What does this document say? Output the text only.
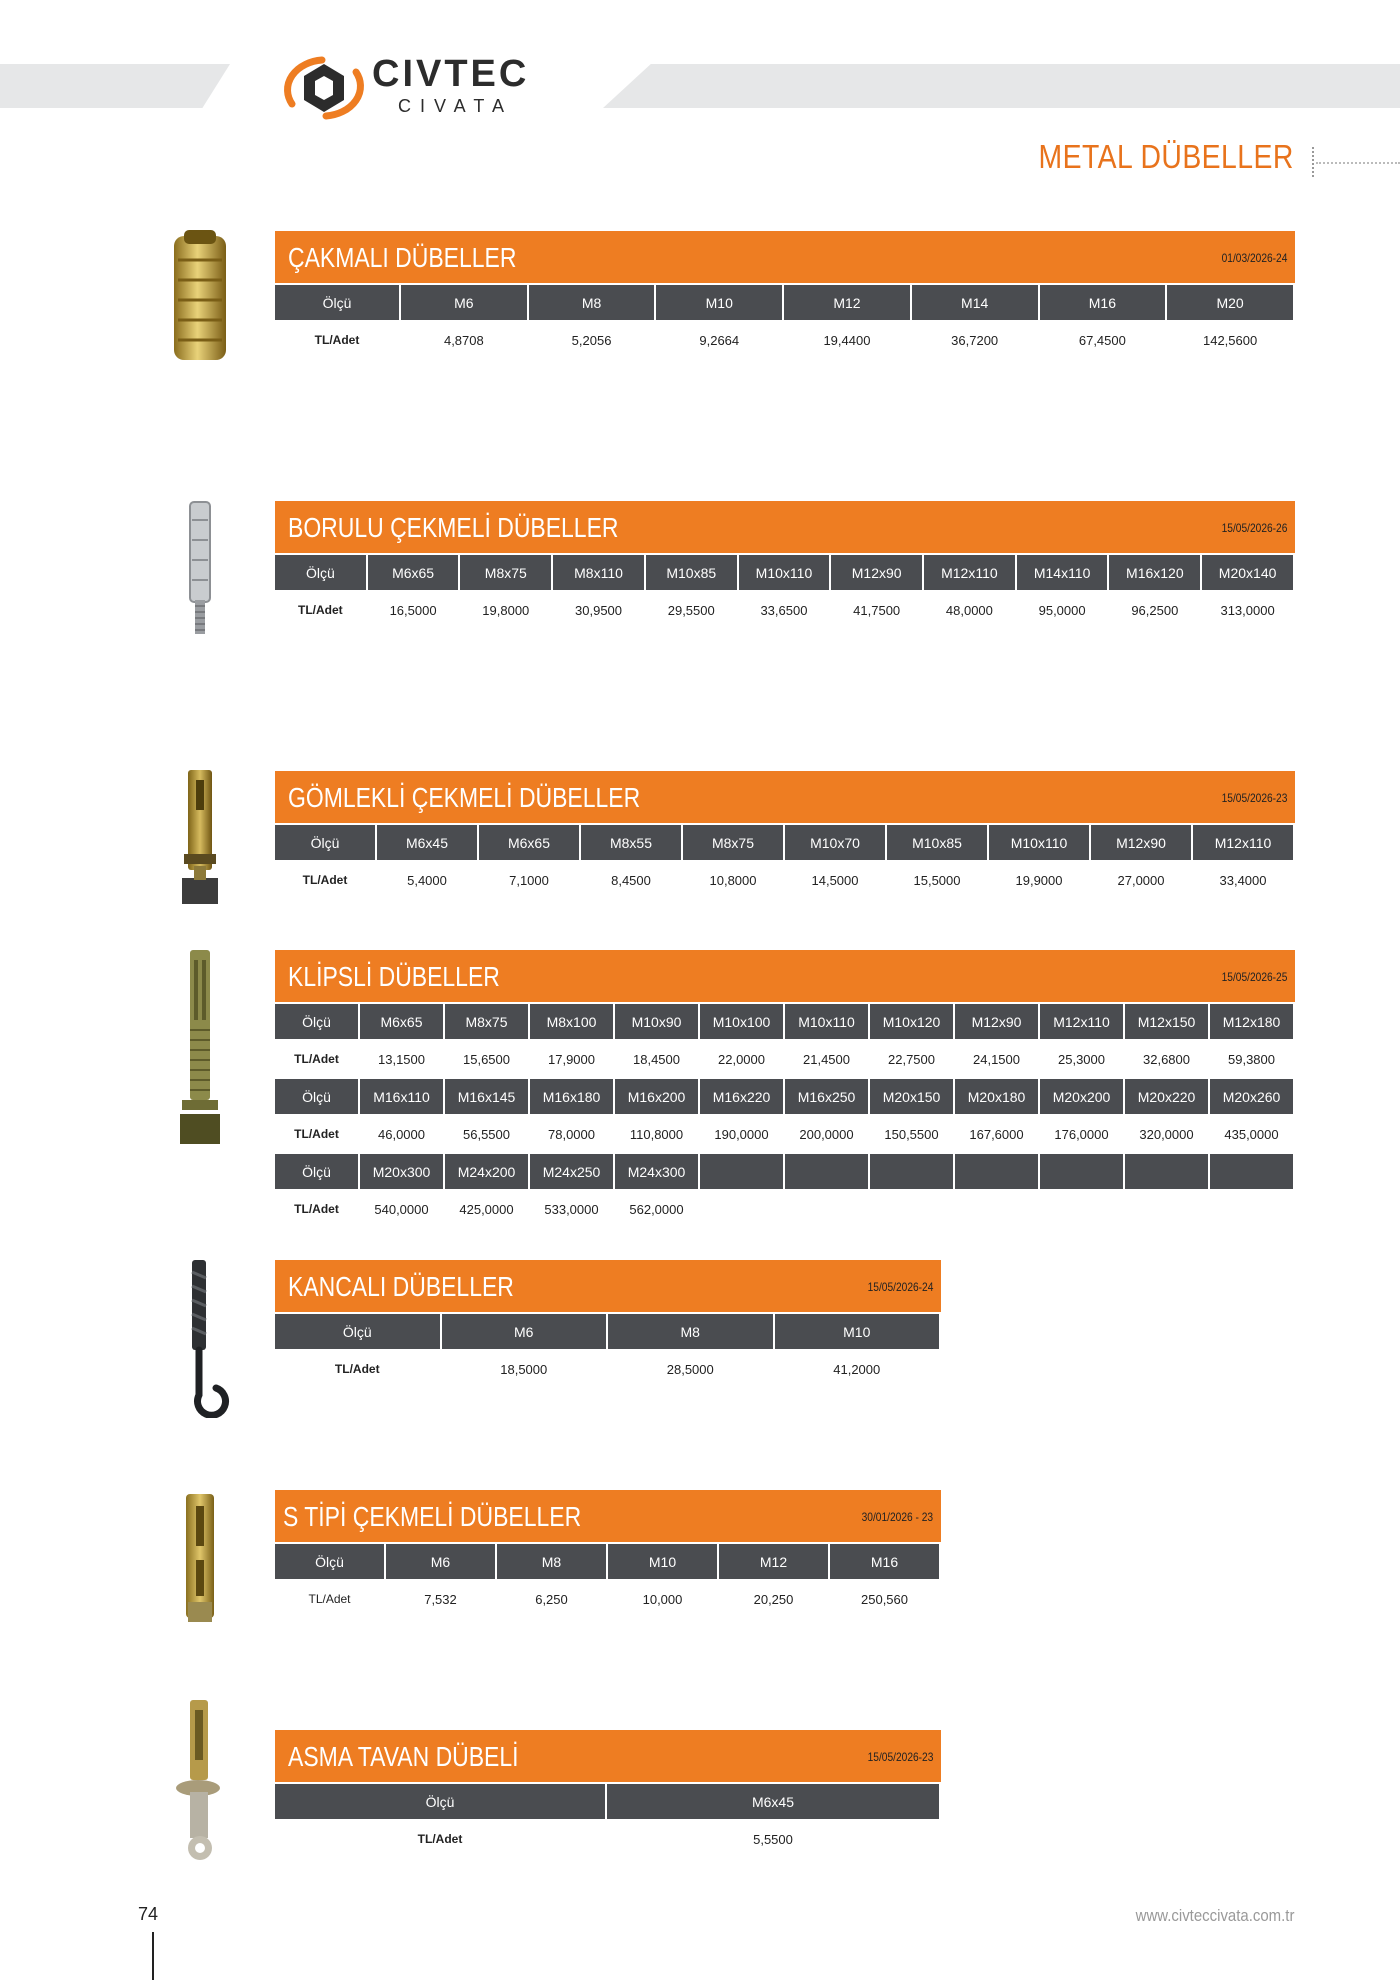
CIVTEC
CIVATA
METAL DÜBELLER
ÇAKMALI DÜBELLER	01/03/2026-24
Ölçü	M6	M8	M10	M12	M14	M16	M20
TL/Adet	4,8708	5,2056	9,2664	19,4400	36,7200	67,4500	142,5600
BORULU ÇEKMELİ DÜBELLER	15/05/2026-26
Ölçü	M6x65	M8x75	M8x110	M10x85	M10x110	M12x90	M12x110	M14x110	M16x120	M20x140
TL/Adet	16,5000	19,8000	30,9500	29,5500	33,6500	41,7500	48,0000	95,0000	96,2500	313,0000
GÖMLEKLİ ÇEKMELİ DÜBELLER	15/05/2026-23
Ölçü	M6x45	M6x65	M8x55	M8x75	M10x70	M10x85	M10x110	M12x90	M12x110
TL/Adet	5,4000	7,1000	8,4500	10,8000	14,5000	15,5000	19,9000	27,0000	33,4000
KLİPSLİ DÜBELLER	15/05/2026-25
Ölçü	M6x65	M8x75	M8x100	M10x90	M10x100	M10x110	M10x120	M12x90	M12x110	M12x150	M12x180
TL/Adet	13,1500	15,6500	17,9000	18,4500	22,0000	21,4500	22,7500	24,1500	25,3000	32,6800	59,3800
Ölçü	M16x110	M16x145	M16x180	M16x200	M16x220	M16x250	M20x150	M20x180	M20x200	M20x220	M20x260
TL/Adet	46,0000	56,5500	78,0000	110,8000	190,0000	200,0000	150,5500	167,6000	176,0000	320,0000	435,0000
Ölçü	M20x300	M24x200	M24x250	M24x300							
TL/Adet	540,0000	425,0000	533,0000	562,0000							
KANCALI DÜBELLER	15/05/2026-24
Ölçü	M6	M8	M10
TL/Adet	18,5000	28,5000	41,2000
S TİPİ ÇEKMELİ DÜBELLER	30/01/2026 - 23
Ölçü	M6	M8	M10	M12	M16
TL/Adet	7,532	6,250	10,000	20,250	250,560
ASMA TAVAN DÜBELİ	15/05/2026-23
Ölçü	M6x45
TL/Adet	5,5500
74	www.civteccivata.com.tr
